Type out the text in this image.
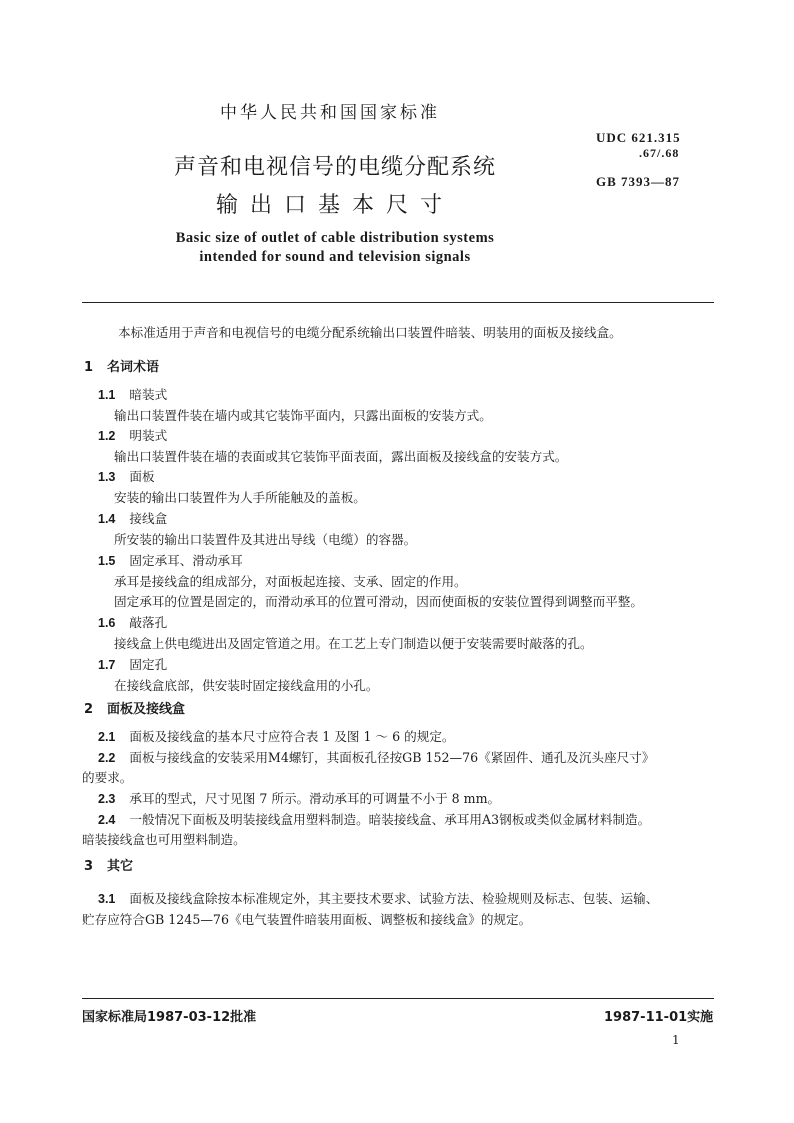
中华人民共和国国家标准
声音和电视信号的电缆分配系统
输出口基本尺寸
Basic size of outlet of cable distribution systems
intended for sound and television signals
UDC 621.315
.67/.68
GB 7393—87
本标准适用于声音和电视信号的电缆分配系统输出口装置件暗装、明装用的面板及接线盒。
1 名词术语
1.1 暗装式
输出口装置件装在墙内或其它装饰平面内，只露出面板的安装方式。
1.2 明装式
输出口装置件装在墙的表面或其它装饰平面表面，露出面板及接线盒的安装方式。
1.3 面板
安装的输出口装置件为人手所能触及的盖板。
1.4 接线盒
所安装的输出口装置件及其进出导线（电缆）的容器。
1.5 固定承耳、滑动承耳
承耳是接线盒的组成部分，对面板起连接、支承、固定的作用。
固定承耳的位置是固定的，而滑动承耳的位置可滑动，因而使面板的安装位置得到调整而平整。
1.6 敲落孔
接线盒上供电缆进出及固定管道之用。在工艺上专门制造以便于安装需要时敲落的孔。
1.7 固定孔
在接线盒底部，供安装时固定接线盒用的小孔。
2 面板及接线盒
2.1 面板及接线盒的基本尺寸应符合表 1 及图 1 ～ 6 的规定。
2.2 面板与接线盒的安装采用M4螺钉，其面板孔径按GB 152—76《紧固件、通孔及沉头座尺寸》
的要求。
2.3 承耳的型式，尺寸见图 7 所示。滑动承耳的可调量不小于 8 mm。
2.4 一般情况下面板及明装接线盒用塑料制造。暗装接线盒、承耳用A3钢板或类似金属材料制造。
暗装接线盒也可用塑料制造。
3 其它
3.1 面板及接线盒除按本标准规定外，其主要技术要求、试验方法、检验规则及标志、包装、运输、
贮存应符合GB 1245—76《电气装置件暗装用面板、调整板和接线盒》的规定。
国家标准局1987-03-12批准	1987-11-01实施
1
